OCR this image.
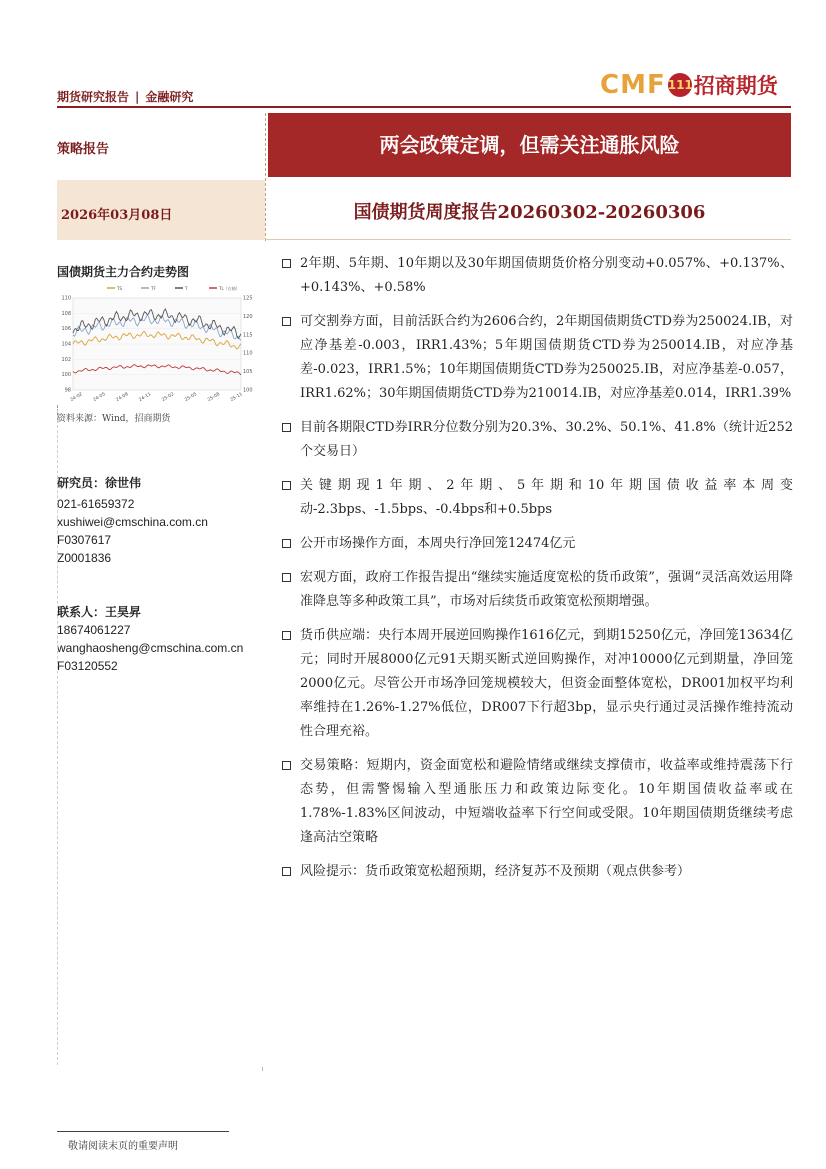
期货研究报告 | 金融研究	CMF 111招商期货
策略报告	两会政策定调，但需关注通胀风险
2026年03月08日	国债期货周度报告20260302-20260306
国债期货主力合约走势图
TS	TF	T	TL（右轴）
110
108
106
104
102
100
98
125
120
115
110
105
100
24-02 24-05 24-08 24-11 25-02 25-05 25-08 25-11
资料来源：Wind，招商期货
研究员：徐世伟
021-61659372
xushiwei@cmschina.com.cn
F0307617
Z0001836
联系人：王昊昇
18674061227
wanghaosheng@cmschina.com.cn
F03120552
2年期、5年期、10年期以及30年期国债期货价格分别变动+0.057%、+0.137%、+0.143%、+0.58%
可交割券方面，目前活跃合约为2606合约，2年期国债期货CTD券为250024.IB，对应净基差-0.003，IRR1.43%；5年期国债期货CTD券为250014.IB，对应净基差-0.023，IRR1.5%；10年期国债期货CTD券为250025.IB，对应净基差-0.057，IRR1.62%；30年期国债期货CTD券为210014.IB，对应净基差0.014，IRR1.39%
目前各期限CTD券IRR分位数分别为20.3%、30.2%、50.1%、41.8%（统计近252个交易日）
关键期现1年期、2年期、5年期和10年期国债收益率本周变动-2.3bps、-1.5bps、-0.4bps和+0.5bps
公开市场操作方面，本周央行净回笼12474亿元
宏观方面，政府工作报告提出“继续实施适度宽松的货币政策”，强调“灵活高效运用降准降息等多种政策工具”，市场对后续货币政策宽松预期增强。
货币供应端：央行本周开展逆回购操作1616亿元，到期15250亿元，净回笼13634亿元；同时开展8000亿元91天期买断式逆回购操作，对冲10000亿元到期量，净回笼2000亿元。尽管公开市场净回笼规模较大，但资金面整体宽松，DR001加权平均利率维持在1.26%-1.27%低位，DR007下行超3bp，显示央行通过灵活操作维持流动性合理充裕。
交易策略：短期内，资金面宽松和避险情绪或继续支撑债市，收益率或维持震荡下行态势，但需警惕输入型通胀压力和政策边际变化。10年期国债收益率或在1.78%-1.83%区间波动，中短端收益率下行空间或受限。10年期国债期货继续考虑逢高沽空策略
风险提示：货币政策宽松超预期，经济复苏不及预期（观点供参考）
敬请阅读末页的重要声明
